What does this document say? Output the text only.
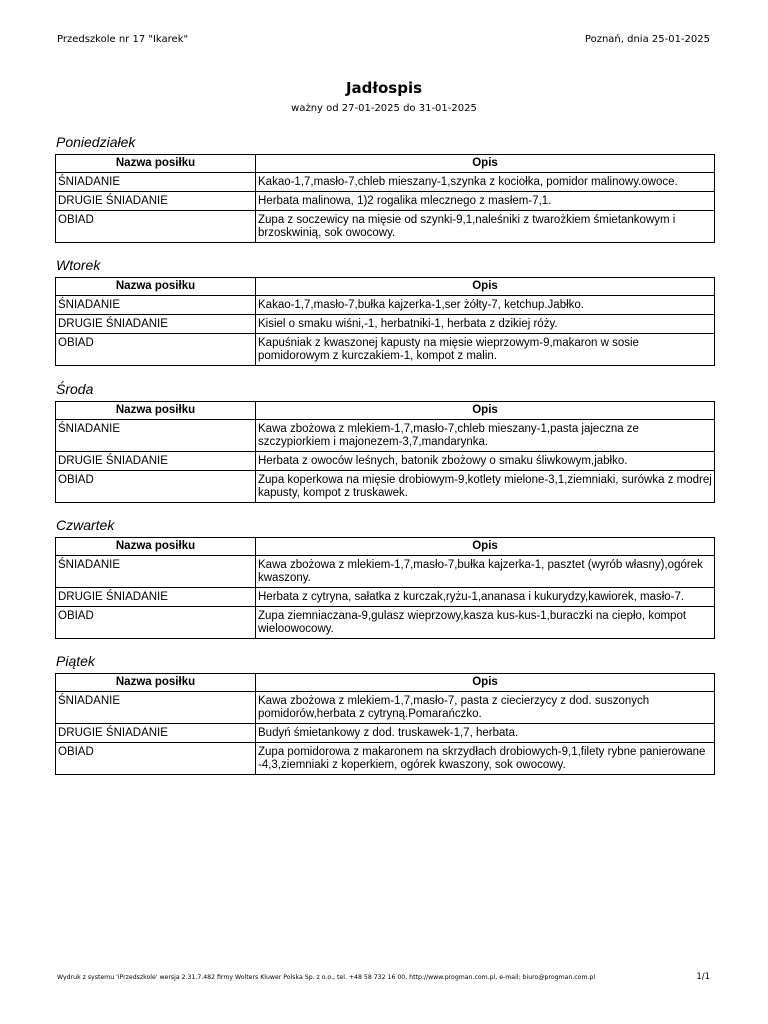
Przedszkole nr 17 "Ikarek"	Poznań, dnia 25-01-2025
Jadłospis
ważny od 27-01-2025 do 31-01-2025
Poniedziałek
Nazwa posiłku	Opis
ŚNIADANIE	Kakao-1,7,masło-7,chleb mieszany-1,szynka z kociołka, pomidor malinowy.owoce.
DRUGIE ŚNIADANIE	Herbata malinowa, 1)2 rogalika mlecznego z masłem-7,1.
OBIAD	Zupa z soczewicy na mięsie od szynki-9,1,naleśniki z twarożkiem śmietankowym i brzoskwinią, sok owocowy.
Wtorek
Nazwa posiłku	Opis
ŚNIADANIE	Kakao-1,7,masło-7,bułka kajzerka-1,ser żółty-7, ketchup.Jabłko.
DRUGIE ŚNIADANIE	Kisiel o smaku wiśni,-1, herbatniki-1, herbata z dzikiej róży.
OBIAD	Kapuśniak z kwaszonej kapusty na mięsie wieprzowym-9,makaron w sosie pomidorowym z kurczakiem-1, kompot z malin.
Środa
Nazwa posiłku	Opis
ŚNIADANIE	Kawa zbożowa z mlekiem-1,7,masło-7,chleb mieszany-1,pasta jajeczna ze szczypiorkiem i majonezem-3,7,mandarynka.
DRUGIE ŚNIADANIE	Herbata z owoców leśnych, batonik zbożowy o smaku śliwkowym,jabłko.
OBIAD	Zupa koperkowa na mięsie drobiowym-9,kotlety mielone-3,1,ziemniaki, surówka z modrej kapusty, kompot z truskawek.
Czwartek
Nazwa posiłku	Opis
ŚNIADANIE	Kawa zbożowa z mlekiem-1,7,masło-7,bułka kajzerka-1, pasztet (wyrób własny),ogórek kwaszony.
DRUGIE ŚNIADANIE	Herbata z cytryna, sałatka z kurczak,ryżu-1,ananasa i kukurydzy,kawiorek, masło-7.
OBIAD	Zupa ziemniaczana-9,gulasz wieprzowy,kasza kus-kus-1,buraczki na ciepło, kompot wieloowocowy.
Piątek
Nazwa posiłku	Opis
ŚNIADANIE	Kawa zbożowa z mlekiem-1,7,masło-7, pasta z ciecierzycy z dod. suszonych pomidorów,herbata z cytryną.Pomarańczko.
DRUGIE ŚNIADANIE	Budyń śmietankowy z dod. truskawek-1,7, herbata.
OBIAD	Zupa pomidorowa z makaronem na skrzydłach drobiowych-9,1,filety rybne panierowane -4,3,ziemniaki z koperkiem, ogórek kwaszony, sok owocowy.
Wydruk z systemu 'iPrzedszkole' wersja 2.31.7.482 firmy Wolters Kluwer Polska Sp. z o.o., tel. +48 58 732 16 00, http://www.progman.com.pl, e-mail: biuro@progman.com.pl	1/1
